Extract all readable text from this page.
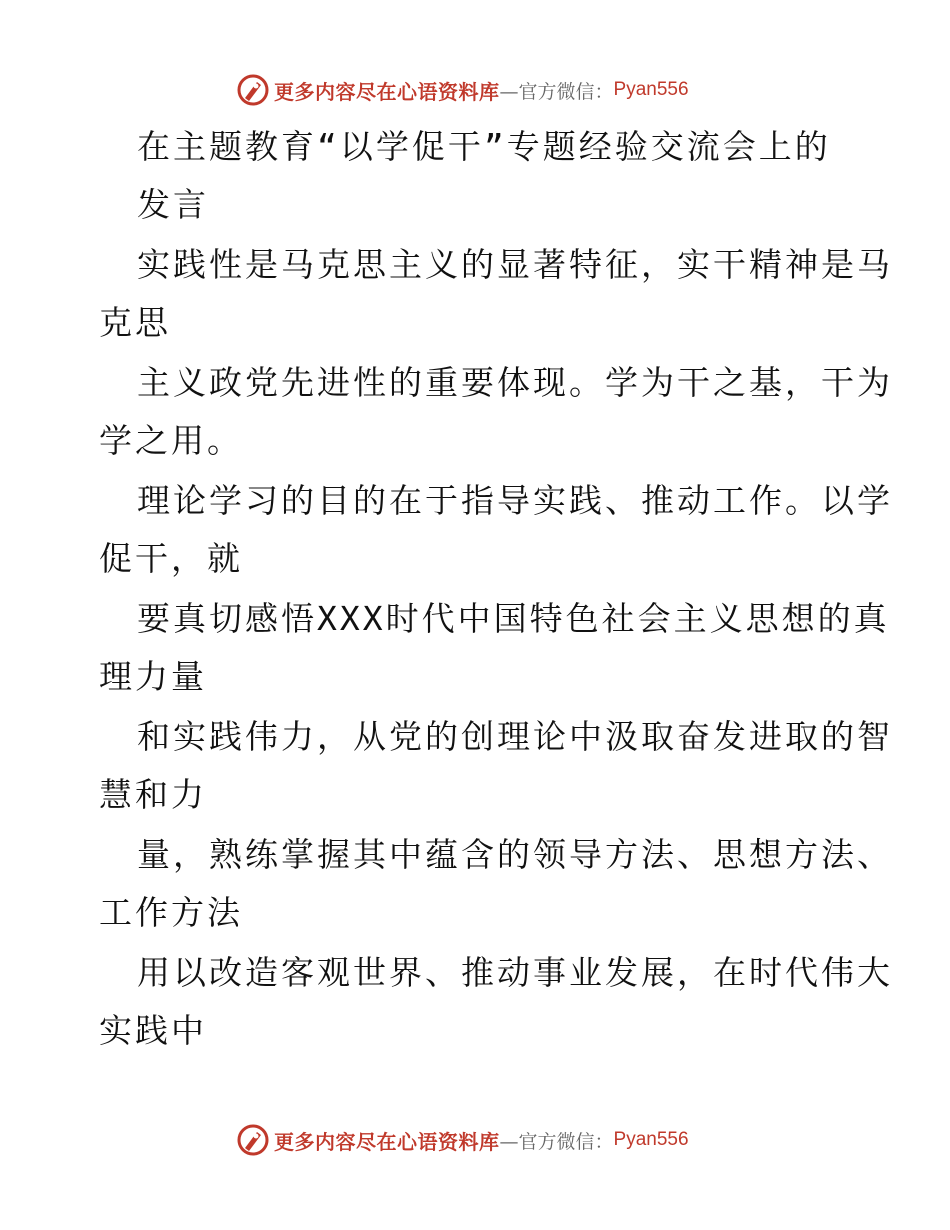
更多内容尽在心语资料库 —官方微信： Pyan556
在主题教育“以学促干”专题经验交流会上的
发言
实践性是马克思主义的显著特征，实干精神是马
克思
主义政党先进性的重要体现。学为干之基，干为
学之用。
理论学习的目的在于指导实践、推动工作。以学
促干，就
要真切感悟XXX时代中国特色社会主义思想的真
理力量
和实践伟力，从党的创理论中汲取奋发进取的智
慧和力
量，熟练掌握其中蕴含的领导方法、思想方法、
工作方法
用以改造客观世界、推动事业发展，在时代伟大
实践中
更多内容尽在心语资料库 —官方微信： Pyan556
